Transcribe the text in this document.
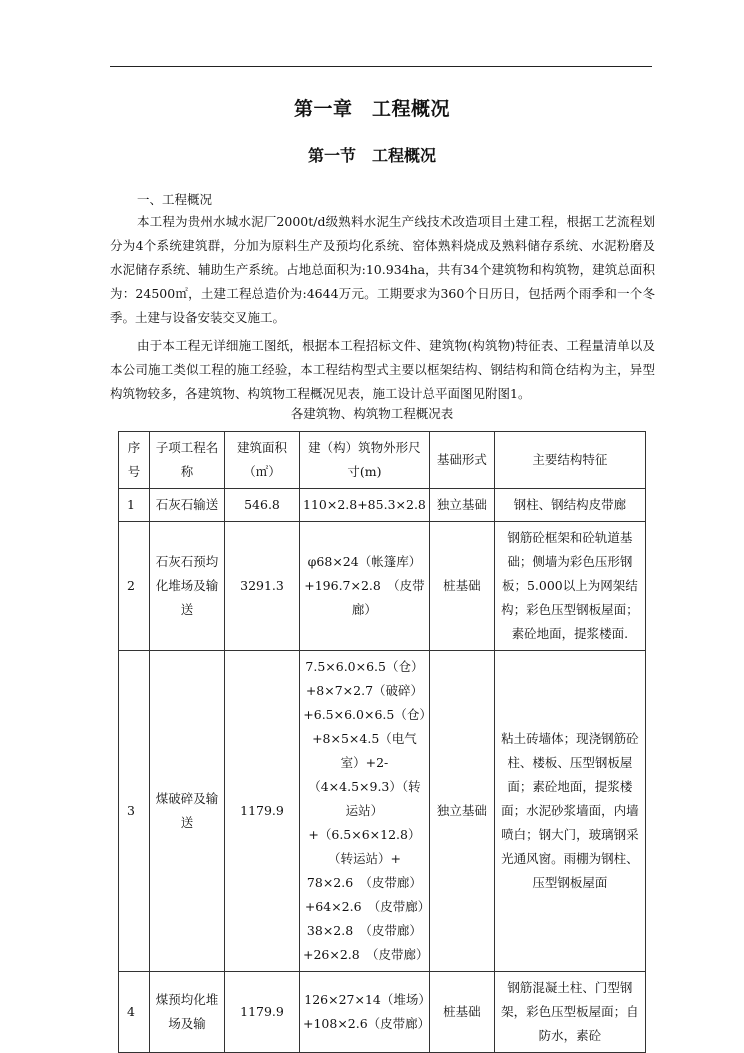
第一章　工程概况
第一节　工程概况
一、工程概况
本工程为贵州水城水泥厂2000t/d级熟料水泥生产线技术改造项目土建工程，根据工艺流程划分为4个系统建筑群，分加为原料生产及预均化系统、窑体熟料烧成及熟料储存系统、水泥粉磨及水泥储存系统、辅助生产系统。占地总面积为:10.934ha，共有34个建筑物和构筑物，建筑总面积为：24500㎡，土建工程总造价为:4644万元。工期要求为360个日历日，包括两个雨季和一个冬季。土建与设备安装交叉施工。
由于本工程无详细施工图纸，根据本工程招标文件、建筑物(构筑物)特征表、工程量清单以及本公司施工类似工程的施工经验，本工程结构型式主要以框架结构、钢结构和筒仓结构为主，异型构筑物较多，各建筑物、构筑物工程概况见表，施工设计总平面图见附图1。
各建筑物、构筑物工程概况表
序号	子项工程名称	建筑面积（㎡）	建（构）筑物外形尺寸(m)	基础形式	主要结构特征
1	石灰石输送	546.8	110×2.8+85.3×2.8	独立基础	钢柱、钢结构皮带廊
2	石灰石预均化堆场及输送	3291.3	φ68×24（帐篷库）+196.7×2.8　（皮带廊）	桩基础	钢筋砼框架和砼轨道基础；侧墙为彩色压形钢板；5.000以上为网架结构；彩色压型钢板屋面；素砼地面，提浆楼面.
3	煤破碎及输送	1179.9	7.5×6.0×6.5（仓）+8×7×2.7（破碎）+6.5×6.0×6.5（仓）+8×5×4.5（电气室）+2-（4×4.5×9.3）（转运站）+（6.5×6×12.8）（转运站）+ 78×2.6　（皮带廊）+64×2.6　（皮带廊）38×2.8　（皮带廊）+26×2.8　（皮带廊）	独立基础	粘土砖墙体；现浇钢筋砼柱、楼板、压型钢板屋面；素砼地面，提浆楼面；水泥砂浆墙面，内墙喷白；钢大门，玻璃钢采光通风窗。雨棚为钢柱、压型钢板屋面
4	煤预均化堆场及输	1179.9	126×27×14（堆场）+108×2.6（皮带廊）	桩基础	钢筋混凝土柱、门型钢架，彩色压型板屋面；自防水，素砼
